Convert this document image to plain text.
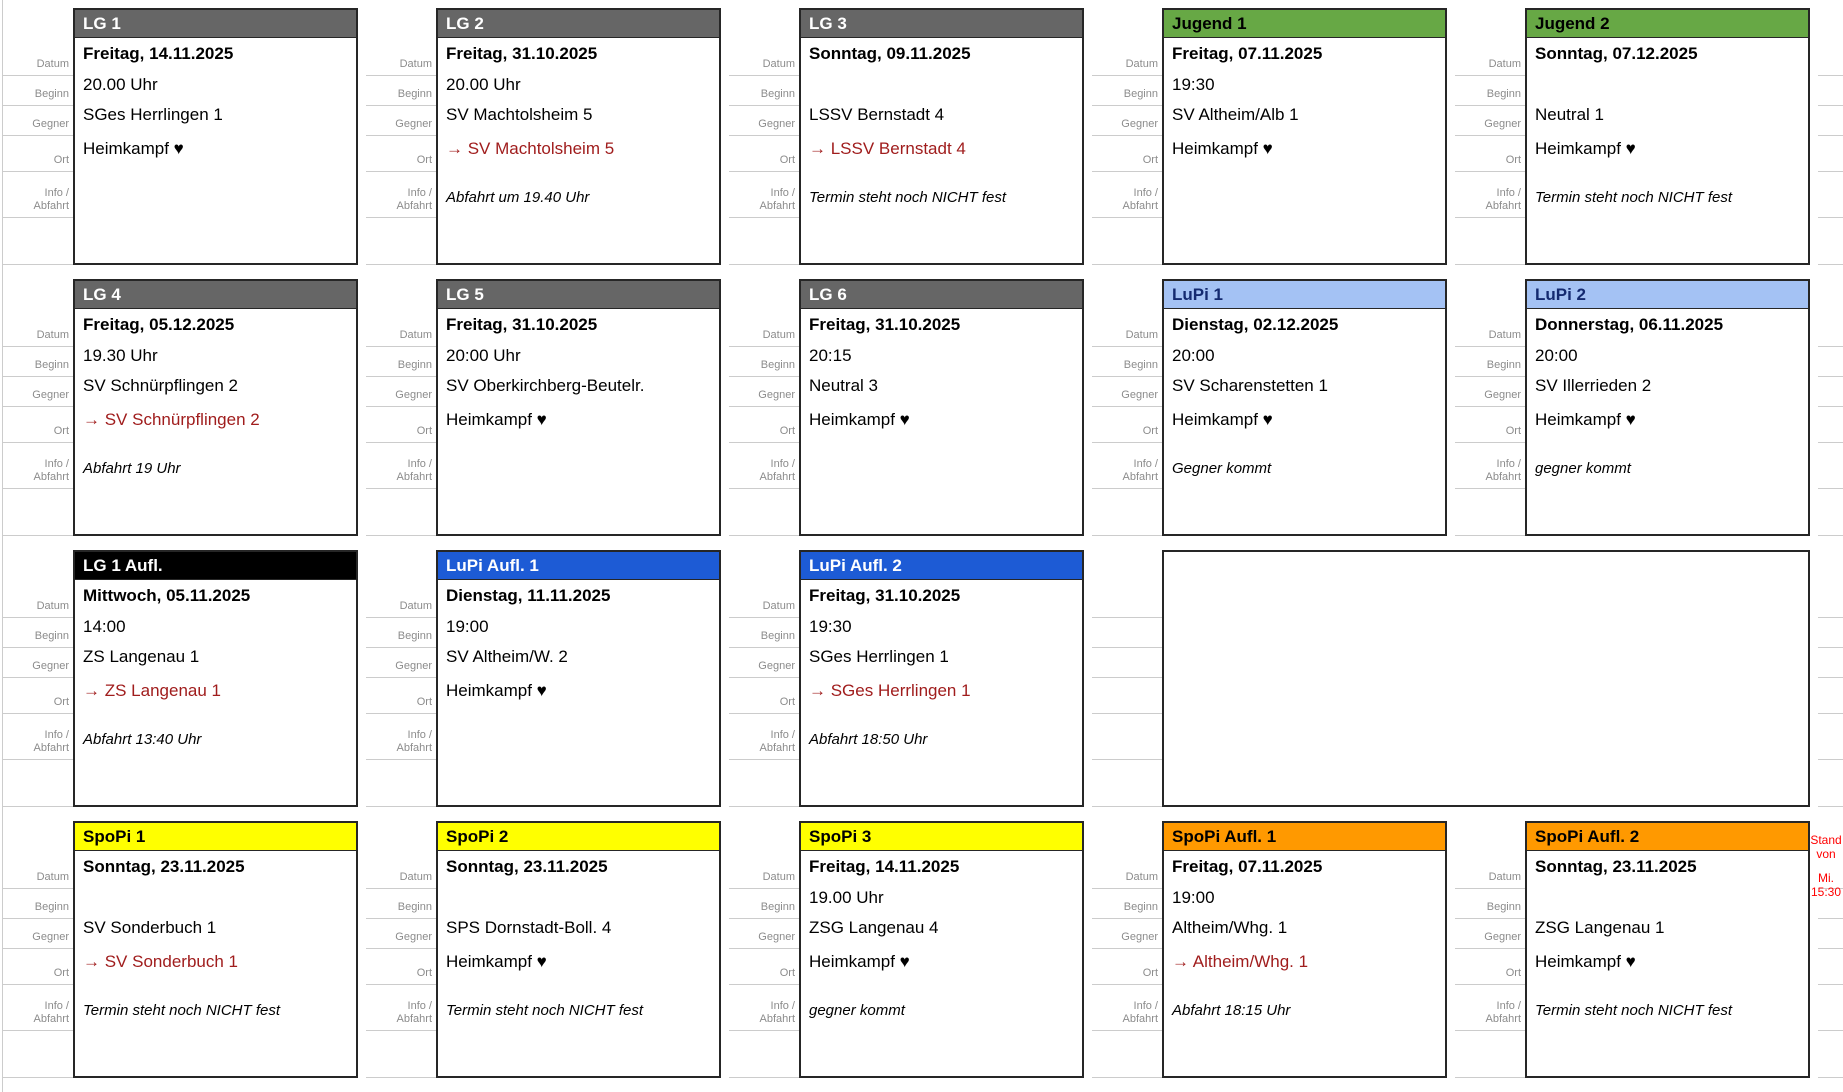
Datum
Beginn
Gegner
Ort
Info /
Abfahrt
LG 1
Freitag, 14.11.2025
20.00 Uhr
SGes Herrlingen 1
Heimkampf ♥
Datum
Beginn
Gegner
Ort
Info /
Abfahrt
LG 2
Freitag, 31.10.2025
20.00 Uhr
SV Machtolsheim 5
→ SV Machtolsheim 5
Abfahrt um 19.40 Uhr
Datum
Beginn
Gegner
Ort
Info /
Abfahrt
LG 3
Sonntag, 09.11.2025
LSSV Bernstadt 4
→ LSSV Bernstadt 4
Termin steht noch NICHT fest
Datum
Beginn
Gegner
Ort
Info /
Abfahrt
Jugend 1
Freitag, 07.11.2025
19:30
SV Altheim/Alb 1
Heimkampf ♥
Datum
Beginn
Gegner
Ort
Info /
Abfahrt
Jugend 2
Sonntag, 07.12.2025
Neutral 1
Heimkampf ♥
Termin steht noch NICHT fest
Datum
Beginn
Gegner
Ort
Info /
Abfahrt
LG 4
Freitag, 05.12.2025
19.30 Uhr
SV Schnürpflingen 2
→ SV Schnürpflingen 2
Abfahrt 19 Uhr
Datum
Beginn
Gegner
Ort
Info /
Abfahrt
LG 5
Freitag, 31.10.2025
20:00 Uhr
SV Oberkirchberg-Beutelr.
Heimkampf ♥
Datum
Beginn
Gegner
Ort
Info /
Abfahrt
LG 6
Freitag, 31.10.2025
20:15
Neutral 3
Heimkampf ♥
Datum
Beginn
Gegner
Ort
Info /
Abfahrt
LuPi 1
Dienstag, 02.12.2025
20:00
SV Scharenstetten 1
Heimkampf ♥
Gegner kommt
Datum
Beginn
Gegner
Ort
Info /
Abfahrt
LuPi 2
Donnerstag, 06.11.2025
20:00
SV Illerrieden 2
Heimkampf ♥
gegner kommt
Datum
Beginn
Gegner
Ort
Info /
Abfahrt
LG 1 Aufl.
Mittwoch, 05.11.2025
14:00
ZS Langenau 1
→ ZS Langenau 1
Abfahrt 13:40 Uhr
Datum
Beginn
Gegner
Ort
Info /
Abfahrt
LuPi Aufl. 1
Dienstag, 11.11.2025
19:00
SV Altheim/W. 2
Heimkampf ♥
Datum
Beginn
Gegner
Ort
Info /
Abfahrt
LuPi Aufl. 2
Freitag, 31.10.2025
19:30
SGes Herrlingen 1
→ SGes Herrlingen 1
Abfahrt 18:50 Uhr
Datum
Beginn
Gegner
Ort
Info /
Abfahrt
SpoPi 1
Sonntag, 23.11.2025
SV Sonderbuch 1
→ SV Sonderbuch 1
Termin steht noch NICHT fest
Datum
Beginn
Gegner
Ort
Info /
Abfahrt
SpoPi 2
Sonntag, 23.11.2025
SPS Dornstadt-Boll. 4
Heimkampf ♥
Termin steht noch NICHT fest
Datum
Beginn
Gegner
Ort
Info /
Abfahrt
SpoPi 3
Freitag, 14.11.2025
19.00 Uhr
ZSG Langenau 4
Heimkampf ♥
gegner kommt
Datum
Beginn
Gegner
Ort
Info /
Abfahrt
SpoPi Aufl. 1
Freitag, 07.11.2025
19:00
Altheim/Whg. 1
→ Altheim/Whg. 1
Abfahrt 18:15 Uhr
Datum
Beginn
Gegner
Ort
Info /
Abfahrt
SpoPi Aufl. 2
Sonntag, 23.11.2025
ZSG Langenau 1
Heimkampf ♥
Termin steht noch NICHT fest
Stand
von
Mi.
15:30
